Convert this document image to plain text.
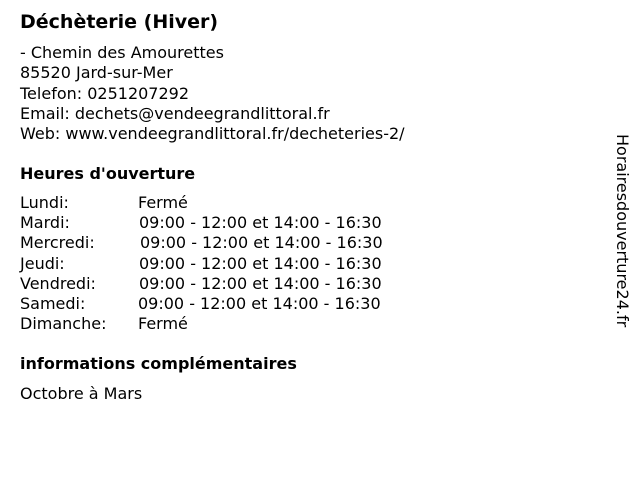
Déchèterie (Hiver)
- Chemin des Amourettes
85520 Jard-sur-Mer
Telefon: 0251207292
Email: dechets@vendeegrandlittoral.fr
Web: www.vendeegrandlittoral.fr/decheteries-2/
Heures d'ouverture
Lundi:	Fermé
Mardi:	09:00 - 12:00 et 14:00 - 16:30
Mercredi:	09:00 - 12:00 et 14:00 - 16:30
Jeudi:	09:00 - 12:00 et 14:00 - 16:30
Vendredi:	09:00 - 12:00 et 14:00 - 16:30
Samedi:	09:00 - 12:00 et 14:00 - 16:30
Dimanche: Fermé
informations complémentaires
Octobre à Mars
Horairesdouverture24.fr
